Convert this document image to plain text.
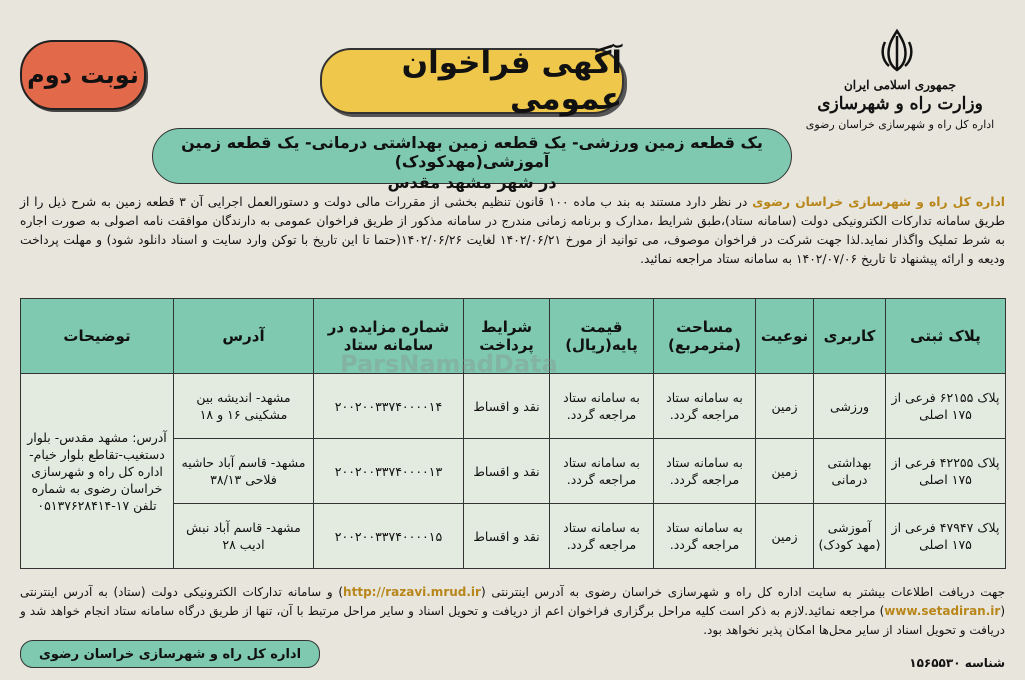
جمهوری اسلامی ایران
وزارت راه و شهرسازی
اداره کل راه و شهرسازی خراسان رضوی
آگهی فراخوان عمومی
نوبت دوم
یک قطعه زمین ورزشی- یک قطعه زمین بهداشتی درمانی- یک قطعه زمین آموزشی(مهدکودک)
در شهر مشهد مقدس
اداره کل راه و شهرسازی خراسان رضوی در نظر دارد مستند به بند ب ماده ۱۰۰ قانون تنظیم بخشی از مقررات مالی دولت و دستورالعمل اجرایی آن ۳ قطعه زمین به شرح ذیل را از طریق سامانه تدارکات الکترونیکی دولت (سامانه ستاد)،طبق شرایط ،مدارک و برنامه زمانی مندرج در سامانه مذکور از طریق فراخوان عمومی به دارندگان موافقت نامه اصولی به صورت اجاره به شرط تملیک واگذار نماید.لذا جهت شرکت در فراخوان موصوف، می توانید از مورخ ۱۴۰۲/۰۶/۲۱ لغایت ۱۴۰۲/۰۶/۲۶(حتما تا این تاریخ با توکن وارد سایت و اسناد دانلود شود) و مهلت پرداخت ودیعه و ارائه پیشنهاد تا تاریخ ۱۴۰۲/۰۷/۰۶ به سامانه ستاد مراجعه نمائید.
پلاک ثبتی	کاربری	نوعیت	مساحت (مترمربع)	قیمت پایه(ریال)	شرایط پرداخت	شماره مزایده در سامانه ستاد	آدرس	توضیحات
پلاک ۶۲۱۵۵ فرعی از ۱۷۵ اصلی	ورزشی	زمین	به سامانه ستاد مراجعه گردد.	به سامانه ستاد مراجعه گردد.	نقد و اقساط	۲۰۰۲۰۰۳۳۷۴۰۰۰۰۱۴	مشهد- اندیشه بین مشکینی ۱۶ و ۱۸	آدرس: مشهد مقدس- بلوار دستغیب-تقاطع بلوار خیام-اداره کل راه و شهرسازی خراسان رضوی به شماره تلفن ۱۷-۰۵۱۳۷۶۲۸۴۱۴
پلاک ۴۲۲۵۵ فرعی از ۱۷۵ اصلی	بهداشتی درمانی	زمین	به سامانه ستاد مراجعه گردد.	به سامانه ستاد مراجعه گردد.	نقد و اقساط	۲۰۰۲۰۰۳۳۷۴۰۰۰۰۱۳	مشهد- قاسم آباد حاشیه فلاحی ۳۸/۱۳	
پلاک ۴۷۹۴۷ فرعی از ۱۷۵ اصلی	آموزشی (مهد کودک)	زمین	به سامانه ستاد مراجعه گردد.	به سامانه ستاد مراجعه گردد.	نقد و اقساط	۲۰۰۲۰۰۳۳۷۴۰۰۰۰۱۵	مشهد- قاسم آباد نبش ادیب ۲۸	
ParsNamadData
جهت دریافت اطلاعات بیشتر به سایت اداره کل راه و شهرسازی خراسان رضوی به آدرس اینترنتی (http://razavi.mrud.ir) و سامانه تدارکات الکترونیکی دولت (ستاد) به آدرس اینترنتی (www.setadiran.ir) مراجعه نمائید.لازم به ذکر است کلیه مراحل برگزاری فراخوان اعم از دریافت و تحویل اسناد و سایر مراحل مرتبط با آن، تنها از طریق درگاه سامانه ستاد انجام خواهد شد و دریافت و تحویل اسناد از سایر محل‌ها امکان پذیر نخواهد بود.
اداره کل راه و شهرسازی خراسان رضوی
شناسه ۱۵۶۵۵۳۰
